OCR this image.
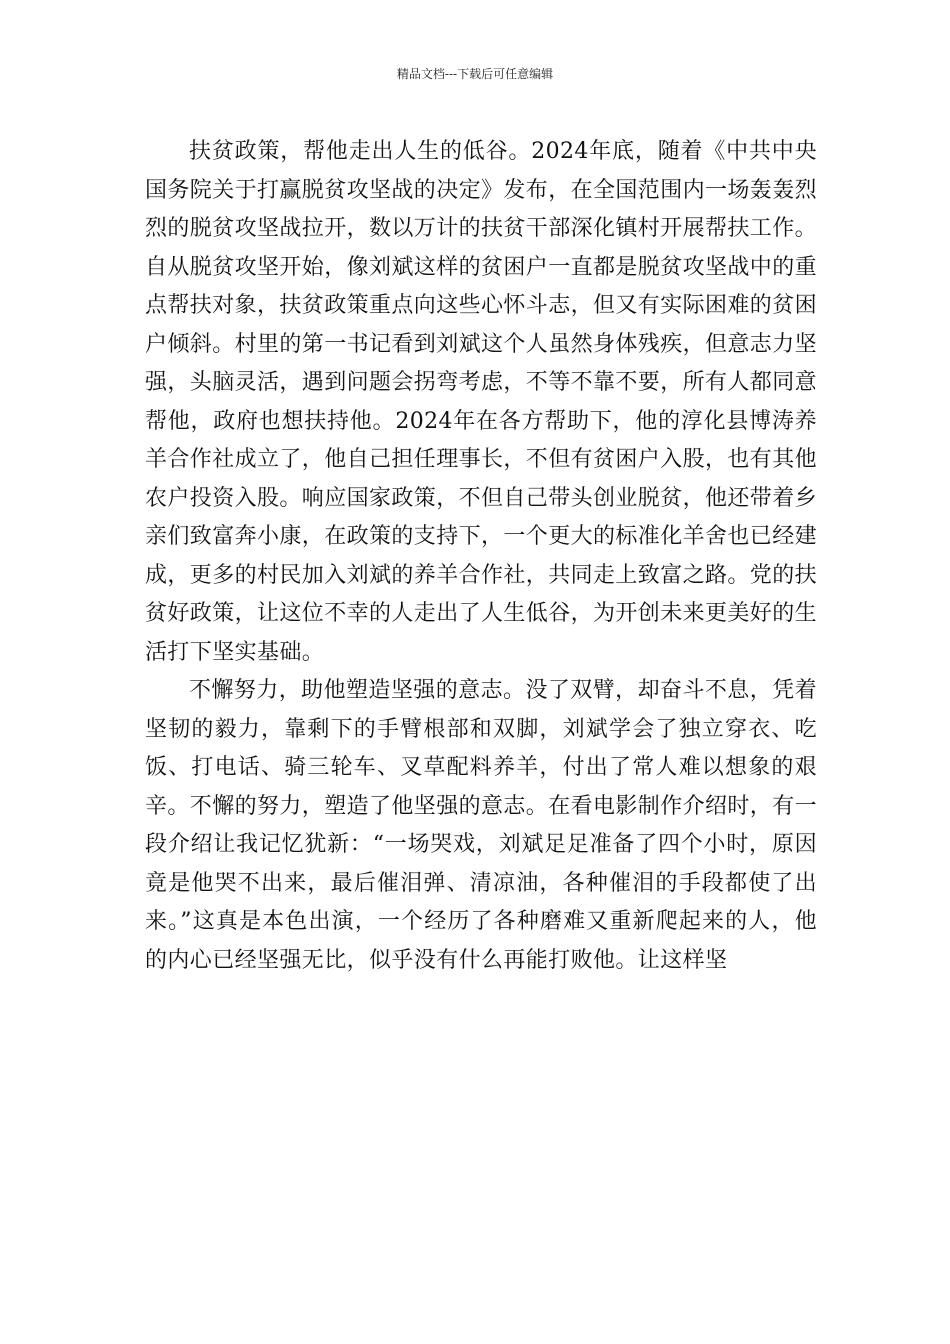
精品文档---下载后可任意编辑

扶贫政策，帮他走出人生的低谷。2024年底，随着《中共中央国务院关于打赢脱贫攻坚战的决定》发布，在全国范围内一场轰轰烈烈的脱贫攻坚战拉开，数以万计的扶贫干部深化镇村开展帮扶工作。自从脱贫攻坚开始，像刘斌这样的贫困户一直都是脱贫攻坚战中的重点帮扶对象，扶贫政策重点向这些心怀斗志，但又有实际困难的贫困户倾斜。村里的第一书记看到刘斌这个人虽然身体残疾，但意志力坚强，头脑灵活，遇到问题会拐弯考虑，不等不靠不要，所有人都同意帮他，政府也想扶持他。2024年在各方帮助下，他的淳化县博涛养羊合作社成立了，他自己担任理事长，不但有贫困户入股，也有其他农户投资入股。响应国家政策，不但自己带头创业脱贫，他还带着乡亲们致富奔小康，在政策的支持下，一个更大的标准化羊舍也已经建成，更多的村民加入刘斌的养羊合作社，共同走上致富之路。党的扶贫好政策，让这位不幸的人走出了人生低谷，为开创未来更美好的生活打下坚实基础。

不懈努力，助他塑造坚强的意志。没了双臂，却奋斗不息，凭着坚韧的毅力，靠剩下的手臂根部和双脚，刘斌学会了独立穿衣、吃饭、打电话、骑三轮车、叉草配料养羊，付出了常人难以想象的艰辛。不懈的努力，塑造了他坚强的意志。在看电影制作介绍时，有一段介绍让我记忆犹新：“一场哭戏，刘斌足足准备了四个小时，原因竟是他哭不出来，最后催泪弹、清凉油，各种催泪的手段都使了出来。”这真是本色出演，一个经历了各种磨难又重新爬起来的人，他的内心已经坚强无比，似乎没有什么再能打败他。让这样坚
